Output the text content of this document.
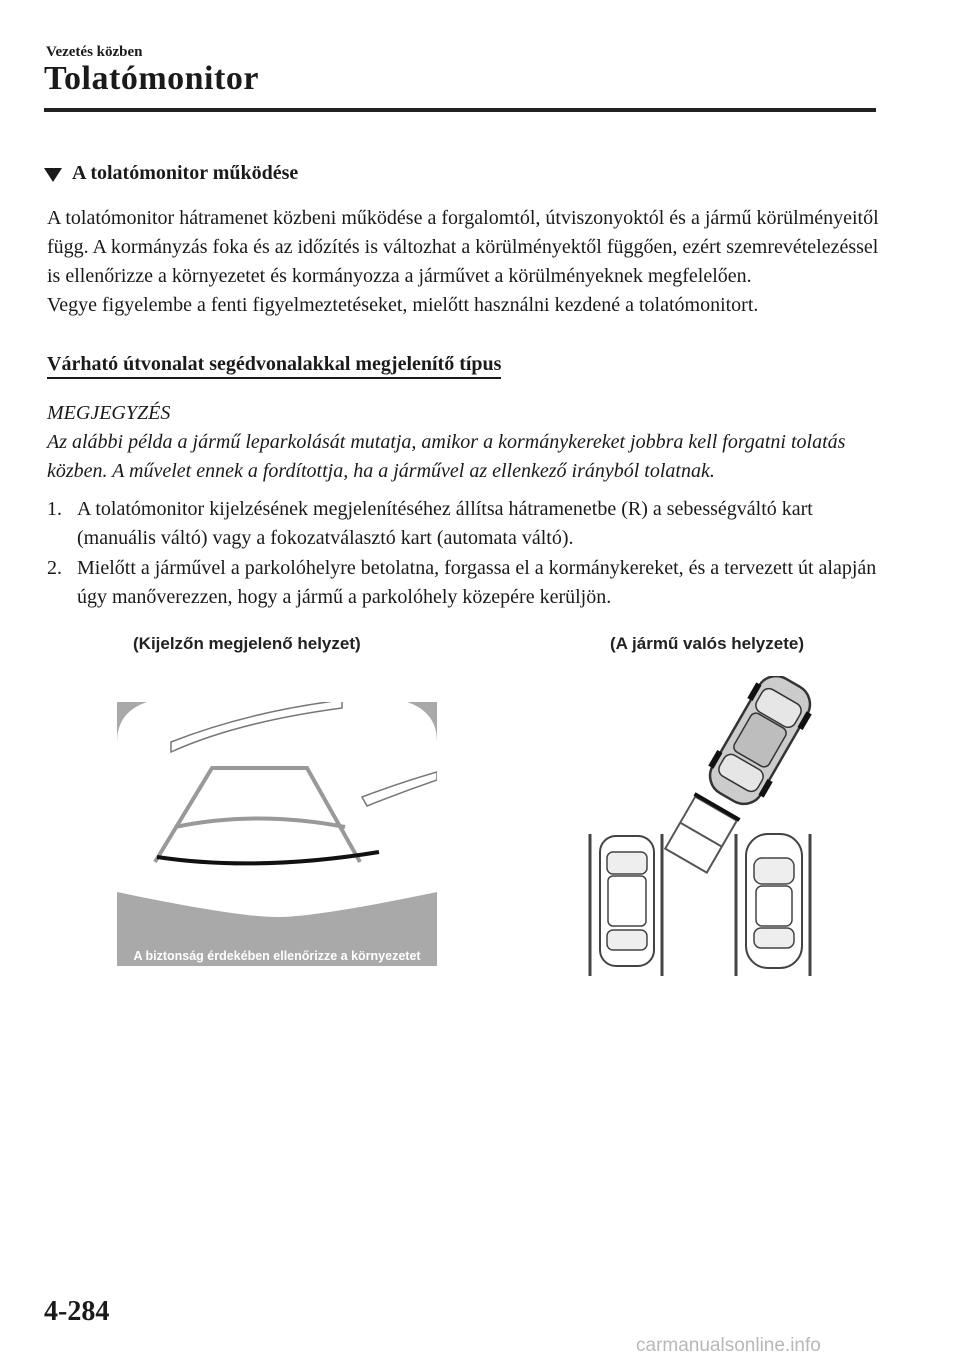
Vezetés közben
Tolatómonitor
A tolatómonitor működése
A tolatómonitor hátramenet közbeni működése a forgalomtól, útviszonyoktól és a jármű körülményeitől függ. A kormányzás foka és az időzítés is változhat a körülményektől függően, ezért szemrevételezéssel is ellenőrizze a környezetet és kormányozza a járművet a körülményeknek megfelelően.
Vegye figyelembe a fenti figyelmeztetéseket, mielőtt használni kezdené a tolatómonitort.
Várható útvonalat segédvonalakkal megjelenítő típus
MEGJEGYZÉS
Az alábbi példa a jármű leparkolását mutatja, amikor a kormánykereket jobbra kell forgatni tolatás közben. A művelet ennek a fordítottja, ha a járművel az ellenkező irányból tolatnak.
1. A tolatómonitor kijelzésének megjelenítéséhez állítsa hátramenetbe (R) a sebességváltó kart (manuális váltó) vagy a fokozatválasztó kart (automata váltó).
2. Mielőtt a járművel a parkolóhelyre betolatna, forgassa el a kormánykereket, és a tervezett út alapján úgy manőverezzen, hogy a jármű a parkolóhely közepére kerüljön.
(Kijelzőn megjelenő helyzet)	(A jármű valós helyzete)
A biztonság érdekében ellenőrizze a környezetet
4-284
carmanualsonline.info
